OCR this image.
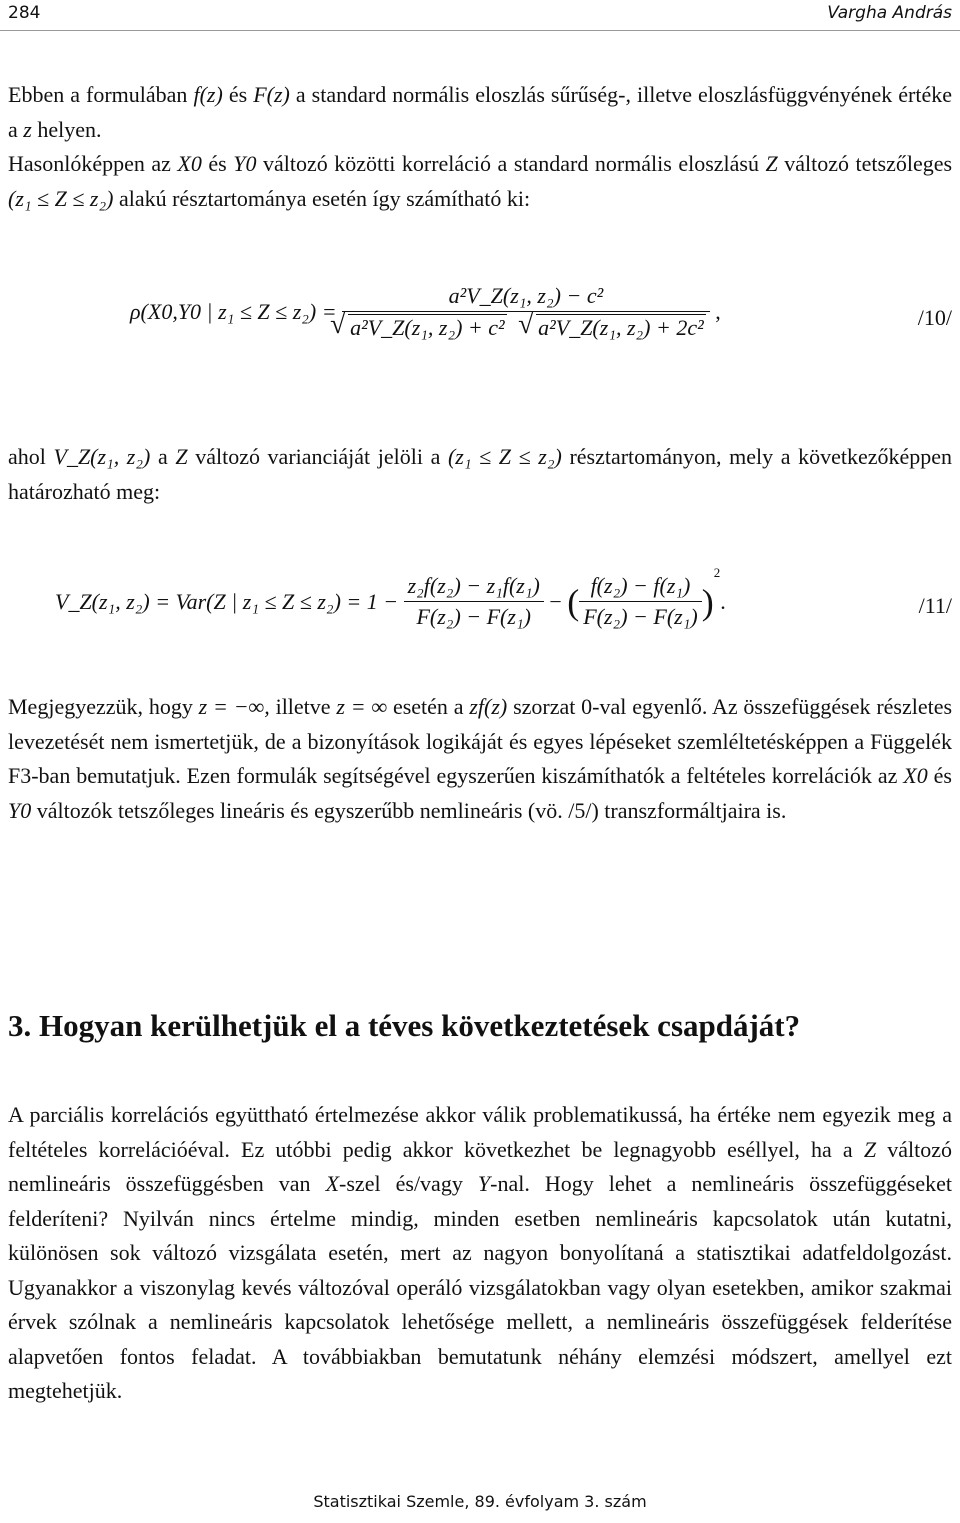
284	Vargha András

Ebben a formulában f(z) és F(z) a standard normális eloszlás sűrűség-, illetve eloszlásfüggvényének értéke a z helyen.

Hasonlóképpen az X0 és Y0 változó közötti korreláció a standard normális eloszlású Z változó tetszőleges (z₁ ≤ Z ≤ z₂) alakú résztartománya esetén így számítható ki:

ρ(X0,Y0 | z₁ ≤ Z ≤ z₂) = a²V_Z(z₁, z₂) − c²
√ a²V_Z(z₁, z₂) + c²     √ a²V_Z(z₁, z₂) + 2c² ,	/10/

ahol V_Z(z₁, z₂) a Z változó varianciáját jelöli a (z₁ ≤ Z ≤ z₂) résztartományon, mely a következőképpen határozható meg:

V_Z(z₁, z₂) = Var(Z | $z_1 \le Z \le z_2) = 1 - \frac{\text{z₂f(z₂) − z₁f(z₁)}}{\text{F(z₂) − F(z₁)}}$ − ( $\frac{\text{f(z₂) − f(z₁)}}{\text{F(z₂) − F(z₁)}} )^2$.	/11/

Megjegyezzük, hogy z = −∞, illetve z = ∞ esetén a zf(z) szorzat 0-val egyenlő. Az összefüggések részletes levezetését nem ismertetjük, de a bizonyítások logikáját és egyes lépéseket szemléltetésképpen a Függelék F3-ban bemutatjuk. Ezen formulák segítségével egyszerűen kiszámíthatók a feltételes korrelációk az X0 és Y0 változók tetszőleges lineáris és egyszerűbb nemlineáris (vö. /5/) transzformáltjaira is.

3. Hogyan kerülhetjük el a téves következtetések csapdáját?

A parciális korrelációs együttható értelmezése akkor válik problematikussá, ha értéke nem egyezik meg a feltételes korrelációéval. Ez utóbbi pedig akkor következhet be legnagyobb eséllyel, ha a Z változó nemlineáris összefüggésben van X-szel és/vagy Y-nal. Hogy lehet a nemlineáris összefüggéseket felderíteni? Nyilván nincs értelme mindig, minden esetben nemlineáris kapcsolatok után kutatni, különösen sok változó vizsgálata esetén, mert az nagyon bonyolítaná a statisztikai adatfeldolgozást. Ugyanakkor a viszonylag kevés változóval operáló vizsgálatokban vagy olyan esetekben, amikor szakmai érvek szólnak a nemlineáris kapcsolatok lehetősége mellett, a nemlineáris összefüggések felderítése alapvetően fontos feladat. A továbbiakban bemutatunk néhány elemzési módszert, amellyel ezt megtehetjük.

Statisztikai Szemle, 89. évfolyam 3. szám
